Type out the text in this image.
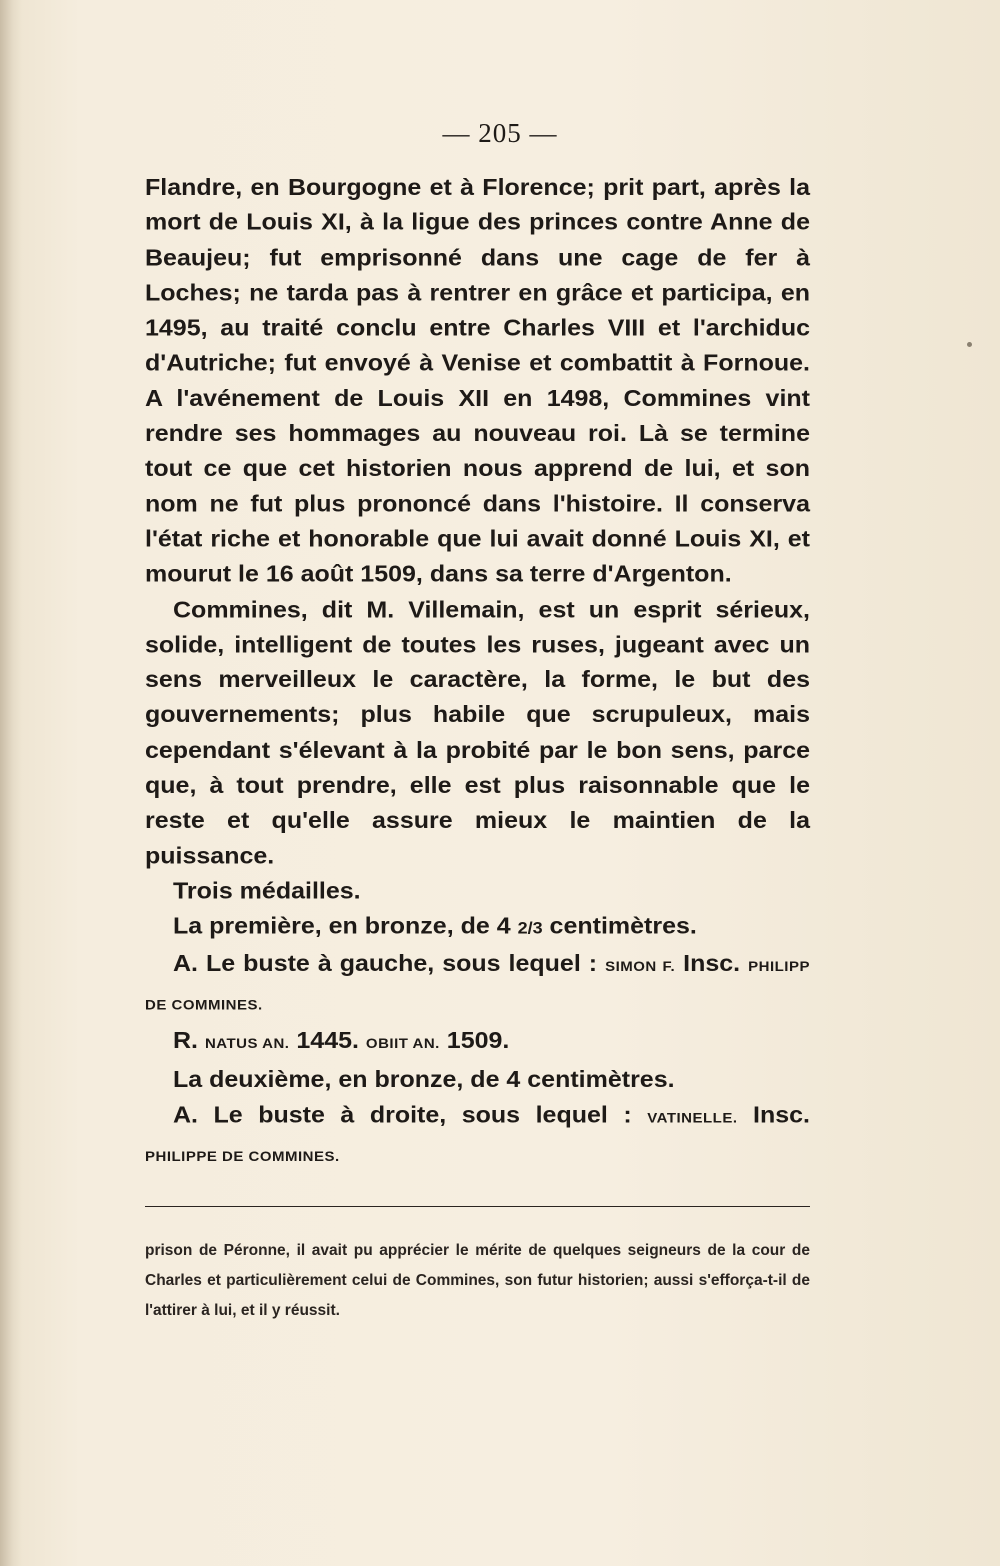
— 205 —

Flandre, en Bourgogne et à Florence; prit part, après la mort de Louis XI, à la ligue des princes contre Anne de Beaujeu; fut emprisonné dans une cage de fer à Loches; ne tarda pas à rentrer en grâce et participa, en 1495, au traité conclu entre Charles VIII et l'archiduc d'Autriche; fut envoyé à Venise et combattit à Fornoue. A l'avénement de Louis XII en 1498, Commines vint rendre ses hommages au nouveau roi. Là se termine tout ce que cet historien nous apprend de lui, et son nom ne fut plus prononcé dans l'histoire. Il conserva l'état riche et honorable que lui avait donné Louis XI, et mourut le 16 août 1509, dans sa terre d'Argenton.

Commines, dit M. Villemain, est un esprit sérieux, solide, intelligent de toutes les ruses, jugeant avec un sens merveilleux le caractère, la forme, le but des gouvernements; plus habile que scrupuleux, mais cependant s'élevant à la probité par le bon sens, parce que, à tout prendre, elle est plus raisonnable que le reste et qu'elle assure mieux le maintien de la puissance.

Trois médailles.

La première, en bronze, de 4 2/3 centimètres.

A. Le buste à gauche, sous lequel : SIMON F. Insc. PHILIPP DE COMMINES.

R. NATUS AN. 1445. OBIIT AN. 1509.

La deuxième, en bronze, de 4 centimètres.

A. Le buste à droite, sous lequel : VATINELLE. Insc. PHILIPPE DE COMMINES.

prison de Péronne, il avait pu apprécier le mérite de quelques seigneurs de la cour de Charles et particulièrement celui de Commines, son futur historien; aussi s'efforça-t-il de l'attirer à lui, et il y réussit.
